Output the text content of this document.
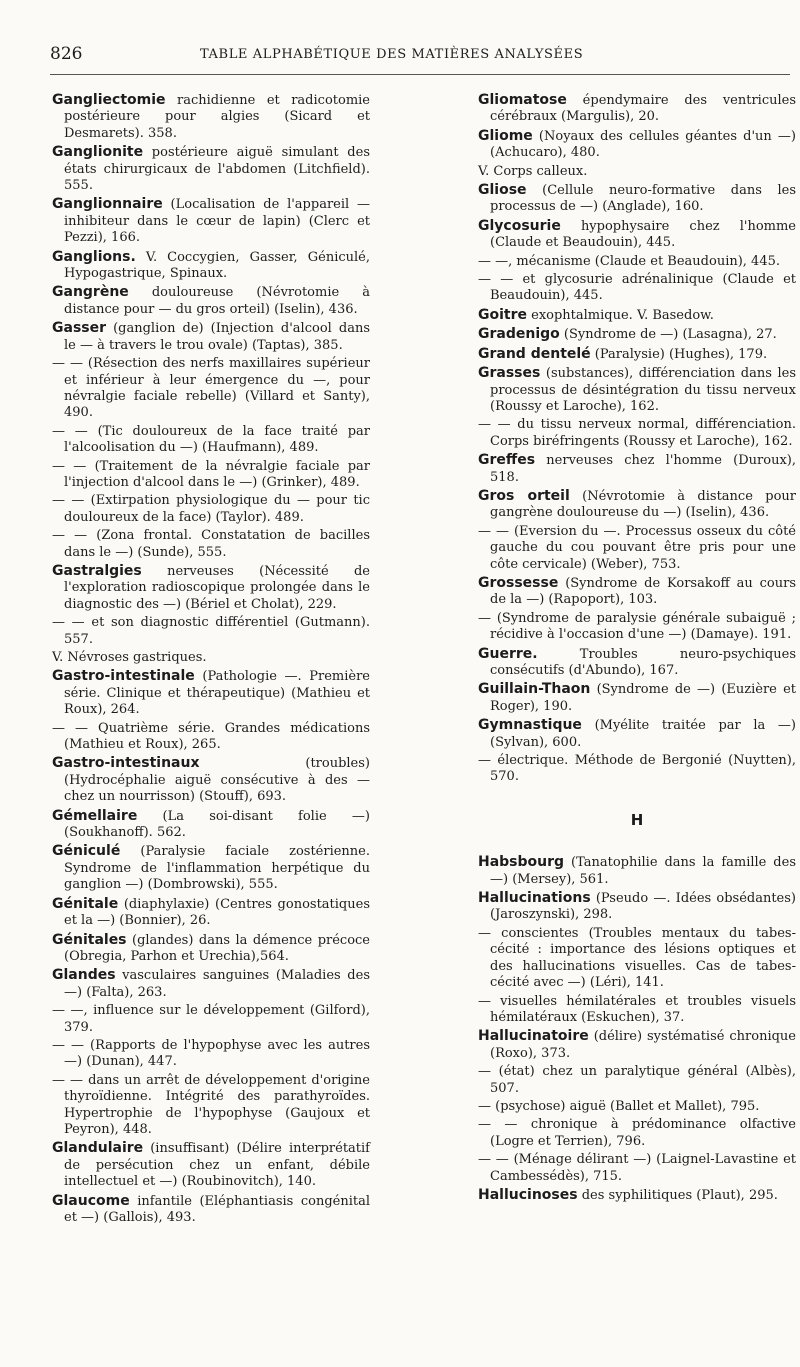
826	TABLE ALPHABÉTIQUE DES MATIÈRES ANALYSÉES
Gangliectomie rachidienne et radicotomie postérieure pour algies (Sicard et Desmarets). 358.
Ganglionite postérieure aiguë simulant des états chirurgicaux de l'abdomen (Litchfield). 555.
Ganglionnaire (Localisation de l'appareil — inhibiteur dans le cœur de lapin) (Clerc et Pezzi), 166.
Ganglions. V. Coccygien, Gasser, Géniculé, Hypogastrique, Spinaux.
Gangrène douloureuse (Névrotomie à distance pour — du gros orteil) (Iselin), 436.
Gasser (ganglion de) (Injection d'alcool dans le — à travers le trou ovale) (Taptas), 385.
— — (Résection des nerfs maxillaires supérieur et inférieur à leur émergence du —, pour névralgie faciale rebelle) (Villard et Santy), 490.
— — (Tic douloureux de la face traité par l'alcoolisation du —) (Haufmann), 489.
— — (Traitement de la névralgie faciale par l'injection d'alcool dans le —) (Grinker), 489.
— — (Extirpation physiologique du — pour tic douloureux de la face) (Taylor). 489.
— — (Zona frontal. Constatation de bacilles dans le —) (Sunde), 555.
Gastralgies nerveuses (Nécessité de l'exploration radioscopique prolongée dans le diagnostic des —) (Bériel et Cholat), 229.
— — et son diagnostic différentiel (Gutmann). 557.
V. Névroses gastriques.
Gastro-intestinale (Pathologie —. Première série. Clinique et thérapeutique) (Mathieu et Roux), 264.
— — Quatrième série. Grandes médications (Mathieu et Roux), 265.
Gastro-intestinaux (troubles) (Hydrocéphalie aiguë consécutive à des — chez un nourrisson) (Stouff), 693.
Gémellaire (La soi-disant folie —) (Soukhanoff). 562.
Géniculé (Paralysie faciale zostérienne. Syndrome de l'inflammation herpétique du ganglion —) (Dombrowski), 555.
Génitale (diaphylaxie) (Centres gonostatiques et la —) (Bonnier), 26.
Génitales (glandes) dans la démence précoce (Obregia, Parhon et Urechia),564.
Glandes vasculaires sanguines (Maladies des —) (Falta), 263.
— —, influence sur le développement (Gilford), 379.
— — (Rapports de l'hypophyse avec les autres —) (Dunan), 447.
— — dans un arrêt de développement d'origine thyroïdienne. Intégrité des parathyroïdes. Hypertrophie de l'hypophyse (Gaujoux et Peyron), 448.
Glandulaire (insuffisant) (Délire interprétatif de persécution chez un enfant, débile intellectuel et —) (Roubinovitch), 140.
Glaucome infantile (Eléphantiasis congénital et —) (Gallois), 493.
Gliomatose épendymaire des ventricules cérébraux (Margulis), 20.
Gliome (Noyaux des cellules géantes d'un —) (Achucaro), 480.
V. Corps calleux.
Gliose (Cellule neuro-formative dans les processus de —) (Anglade), 160.
Glycosurie hypophysaire chez l'homme (Claude et Beaudouin), 445.
— —, mécanisme (Claude et Beaudouin), 445.
— — et glycosurie adrénalinique (Claude et Beaudouin), 445.
Goitre exophtalmique. V. Basedow.
Gradenigo (Syndrome de —) (Lasagna), 27.
Grand dentelé (Paralysie) (Hughes), 179.
Grasses (substances), différenciation dans les processus de désintégration du tissu nerveux (Roussy et Laroche), 162.
— — du tissu nerveux normal, différenciation. Corps biréfringents (Roussy et Laroche), 162.
Greffes nerveuses chez l'homme (Duroux), 518.
Gros orteil (Névrotomie à distance pour gangrène douloureuse du —) (Iselin), 436.
— — (Eversion du —. Processus osseux du côté gauche du cou pouvant être pris pour une côte cervicale) (Weber), 753.
Grossesse (Syndrome de Korsakoff au cours de la —) (Rapoport), 103.
— (Syndrome de paralysie générale subaiguë ; récidive à l'occasion d'une —) (Damaye). 191.
Guerre. Troubles neuro-psychiques consécutifs (d'Abundo), 167.
Guillain-Thaon (Syndrome de —) (Euzière et Roger), 190.
Gymnastique (Myélite traitée par la —) (Sylvan), 600.
— électrique. Méthode de Bergonié (Nuytten), 570.
H
Habsbourg (Tanatophilie dans la famille des —) (Mersey), 561.
Hallucinations (Pseudo —. Idées obsédantes) (Jaroszynski), 298.
— conscientes (Troubles mentaux du tabes-cécité : importance des lésions optiques et des hallucinations visuelles. Cas de tabes-cécité avec —) (Léri), 141.
— visuelles hémilatérales et troubles visuels hémilatéraux (Eskuchen), 37.
Hallucinatoire (délire) systématisé chronique (Roxo), 373.
— (état) chez un paralytique général (Albès), 507.
— (psychose) aiguë (Ballet et Mallet), 795.
— — chronique à prédominance olfactive (Logre et Terrien), 796.
— — (Ménage délirant —) (Laignel-Lavastine et Cambessédès), 715.
Hallucinoses des syphilitiques (Plaut), 295.
